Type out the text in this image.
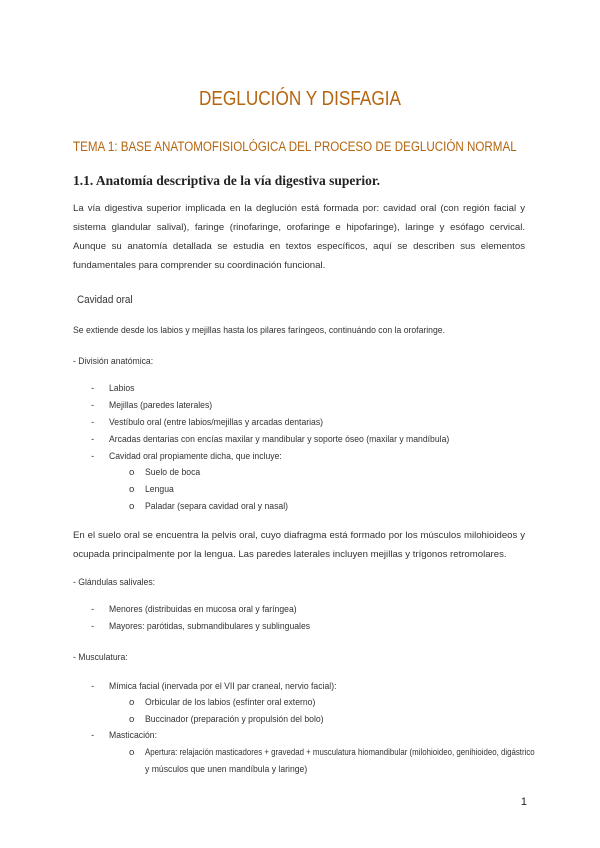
DEGLUCIÓN Y DISFAGIA
TEMA 1: BASE ANATOMOFISIOLÓGICA DEL PROCESO DE DEGLUCIÓN NORMAL
1.1. Anatomía descriptiva de la vía digestiva superior.
La vía digestiva superior implicada en la deglución está formada por: cavidad oral (con región facial y sistema glandular salival), faringe (rinofaringe, orofaringe e hipofaringe), laringe y esófago cervical. Aunque su anatomía detallada se estudia en textos específicos, aquí se describen sus elementos fundamentales para comprender su coordinación funcional.
Cavidad oral
Se extiende desde los labios y mejillas hasta los pilares faríngeos, continuándo con la orofaringe.
- División anatómica:
- Labios
- Mejillas (paredes laterales)
- Vestíbulo oral (entre labios/mejillas y arcadas dentarias)
- Arcadas dentarias con encías maxilar y mandibular y soporte óseo (maxilar y mandíbula)
- Cavidad oral propiamente dicha, que incluye:
o Suelo de boca
o Lengua
o Paladar (separa cavidad oral y nasal)
En el suelo oral se encuentra la pelvis oral, cuyo diafragma está formado por los músculos milohioideos y ocupada principalmente por la lengua. Las paredes laterales incluyen mejillas y trígonos retromolares.
- Glándulas salivales:
- Menores (distribuidas en mucosa oral y faríngea)
- Mayores: parótidas, submandibulares y sublinguales
- Musculatura:
- Mímica facial (inervada por el VII par craneal, nervio facial):
o Orbicular de los labios (esfínter oral externo)
o Buccinador (preparación y propulsión del bolo)
- Masticación:
o Apertura: relajación masticadores + gravedad + musculatura hiomandibular (milohioideo, genihioideo, digástrico
y músculos que unen mandíbula y laringe)
1
